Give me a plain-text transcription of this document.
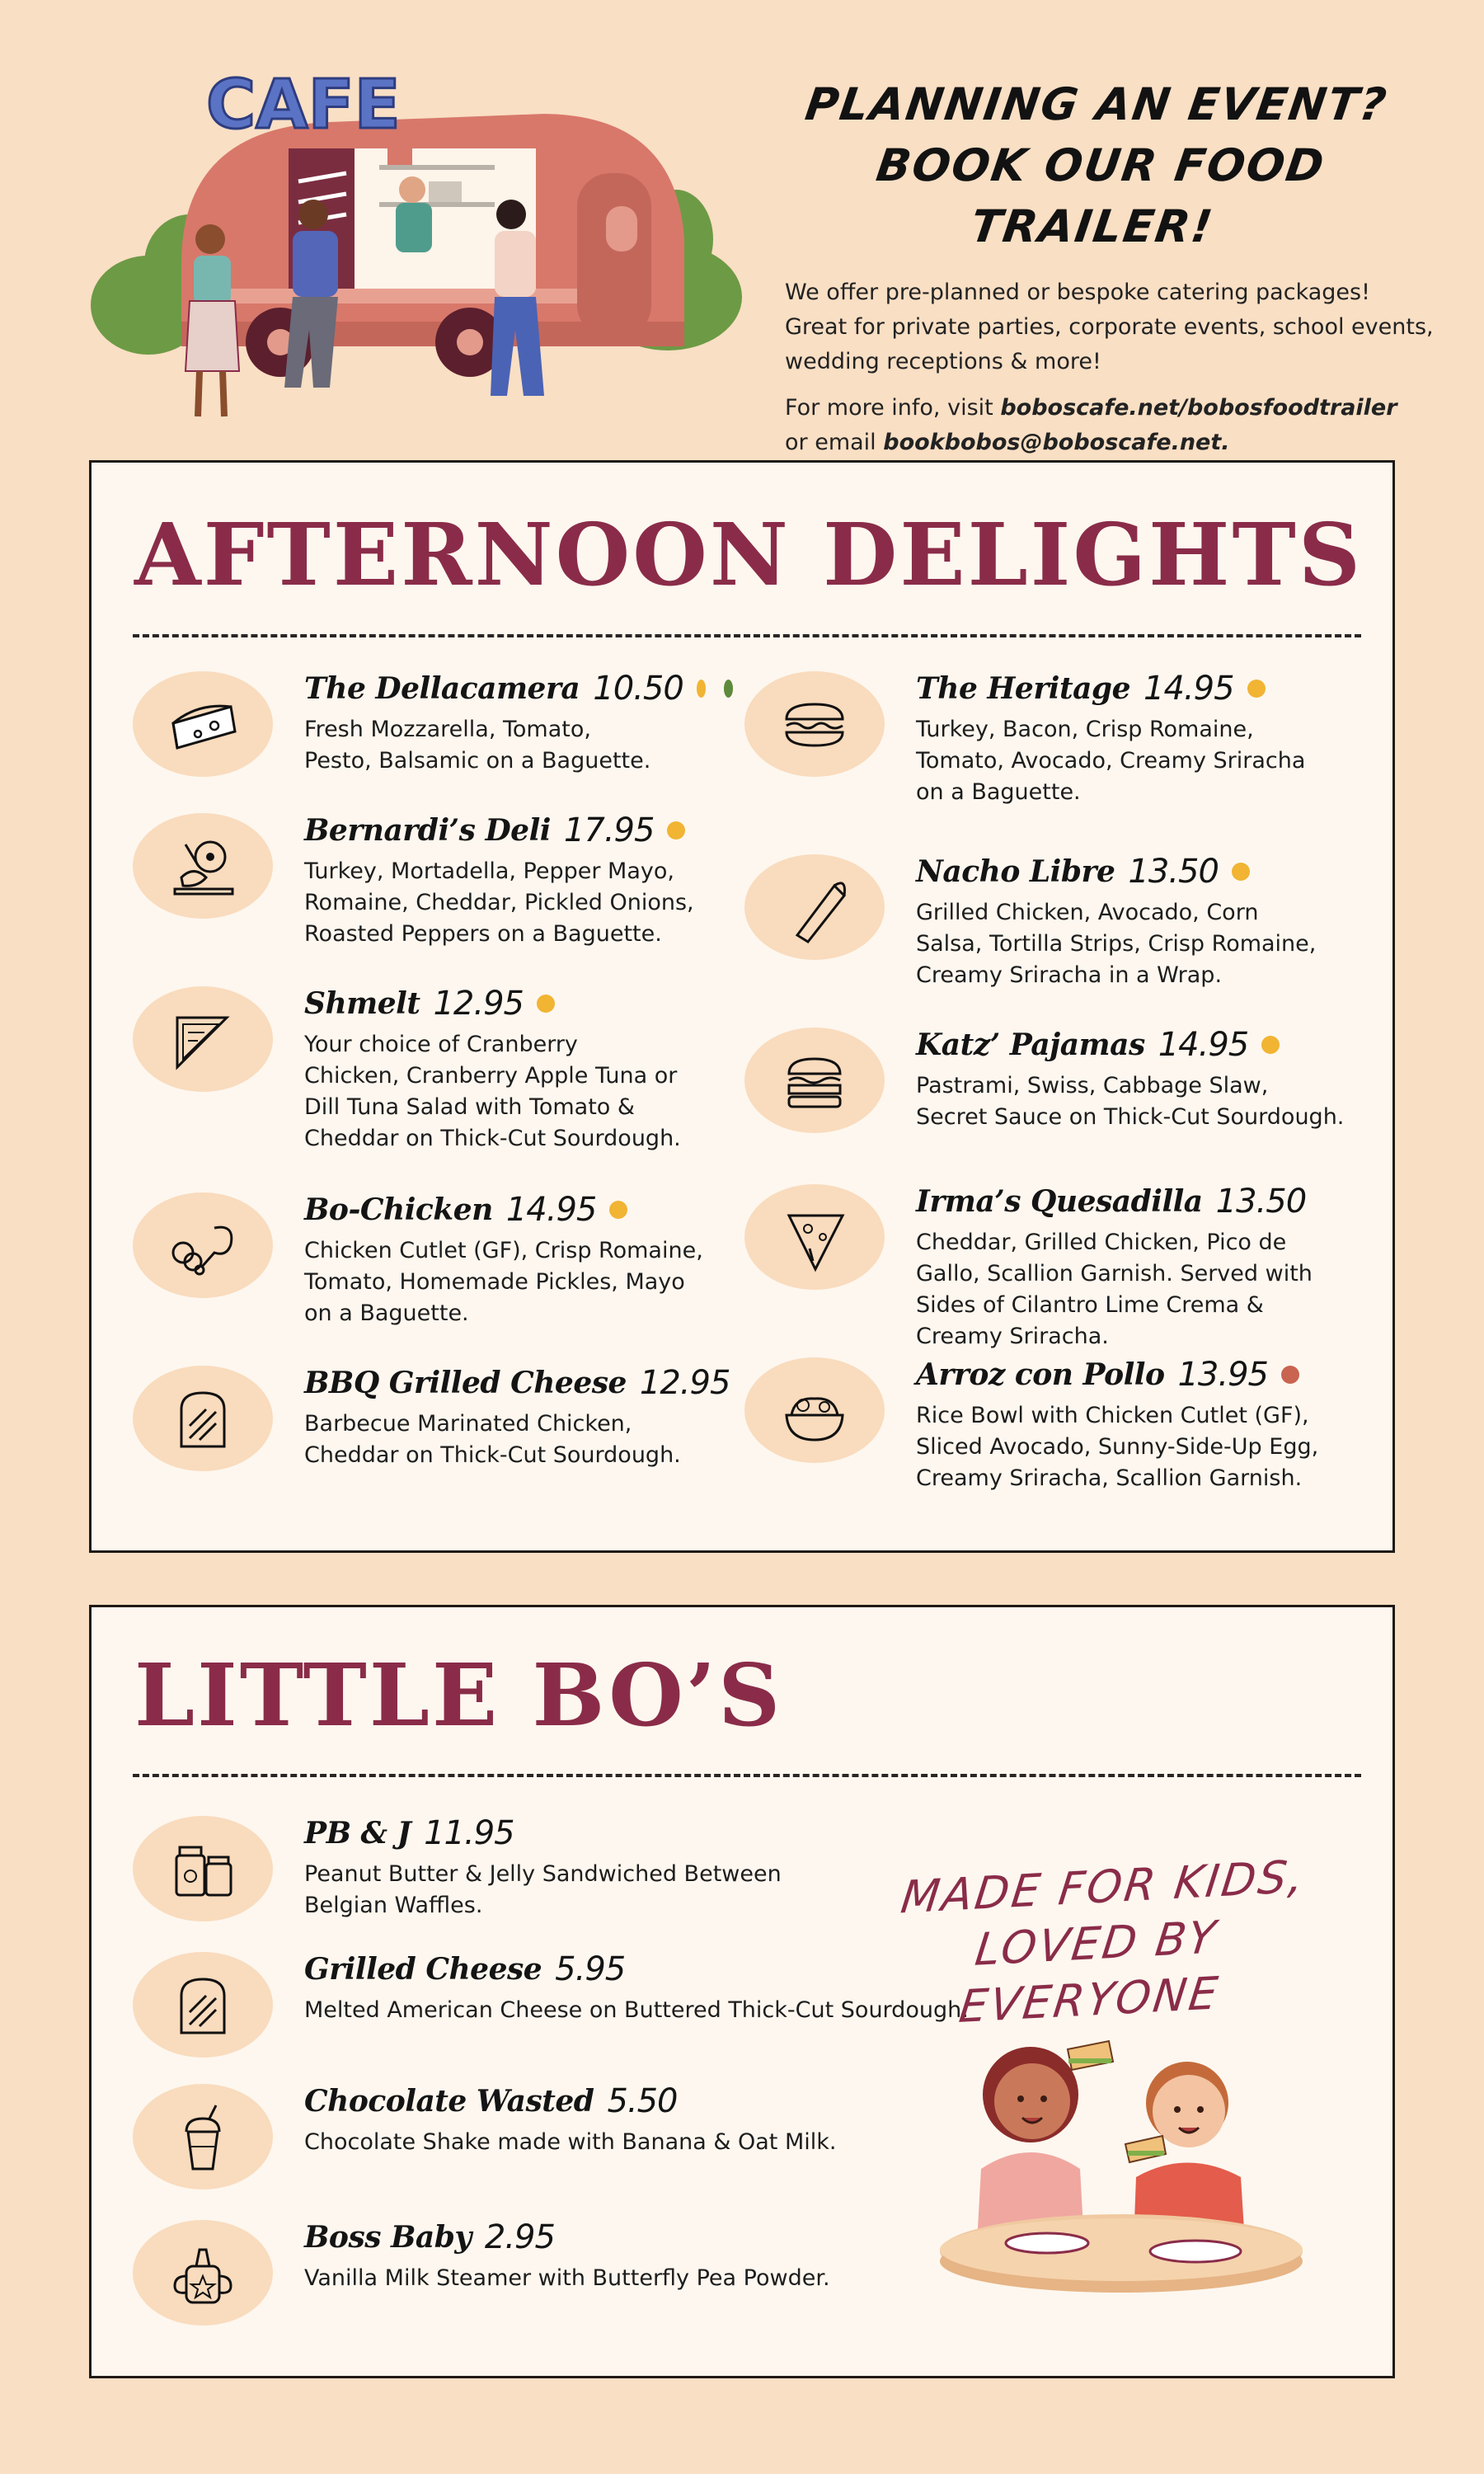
CAFE	PLANNING AN EVENT?
BOOK OUR FOOD TRAILER!

We offer pre-planned or bespoke catering packages! Great for private parties, corporate events, school events, wedding receptions & more!

For more info, visit boboscafe.net/bobosfoodtrailer
or email bookbobos@boboscafe.net.

AFTERNOON DELIGHTS
The Dellacamera 10.50
Fresh Mozzarella, Tomato,
Pesto, Balsamic on a Baguette.
Bernardi’s Deli 17.95
Turkey, Mortadella, Pepper Mayo,
Romaine, Cheddar, Pickled Onions,
Roasted Peppers on a Baguette.
Shmelt 12.95
Your choice of Cranberry
Chicken, Cranberry Apple Tuna or
Dill Tuna Salad with Tomato &
Cheddar on Thick-Cut Sourdough.
Bo-Chicken 14.95
Chicken Cutlet (GF), Crisp Romaine,
Tomato, Homemade Pickles, Mayo
on a Baguette.
BBQ Grilled Cheese 12.95
Barbecue Marinated Chicken,
Cheddar on Thick-Cut Sourdough.
The Heritage 14.95
Turkey, Bacon, Crisp Romaine,
Tomato, Avocado, Creamy Sriracha
on a Baguette.
Nacho Libre 13.50
Grilled Chicken, Avocado, Corn
Salsa, Tortilla Strips, Crisp Romaine,
Creamy Sriracha in a Wrap.
Katz’ Pajamas 14.95
Pastrami, Swiss, Cabbage Slaw,
Secret Sauce on Thick-Cut Sourdough.
Irma’s Quesadilla 13.50
Cheddar, Grilled Chicken, Pico de
Gallo, Scallion Garnish. Served with
Sides of Cilantro Lime Crema &
Creamy Sriracha.
Arroz con Pollo 13.95
Rice Bowl with Chicken Cutlet (GF),
Sliced Avocado, Sunny-Side-Up Egg,
Creamy Sriracha, Scallion Garnish.
LITTLE BO’S
PB & J 11.95
Peanut Butter & Jelly Sandwiched Between
Belgian Waffles.
Grilled Cheese 5.95
Melted American Cheese on Buttered Thick-Cut Sourdough.
Chocolate Wasted 5.50
Chocolate Shake made with Banana & Oat Milk.
Boss Baby 2.95
Vanilla Milk Steamer with Butterfly Pea Powder.
MADE FOR KIDS,
LOVED BY EVERYONE
